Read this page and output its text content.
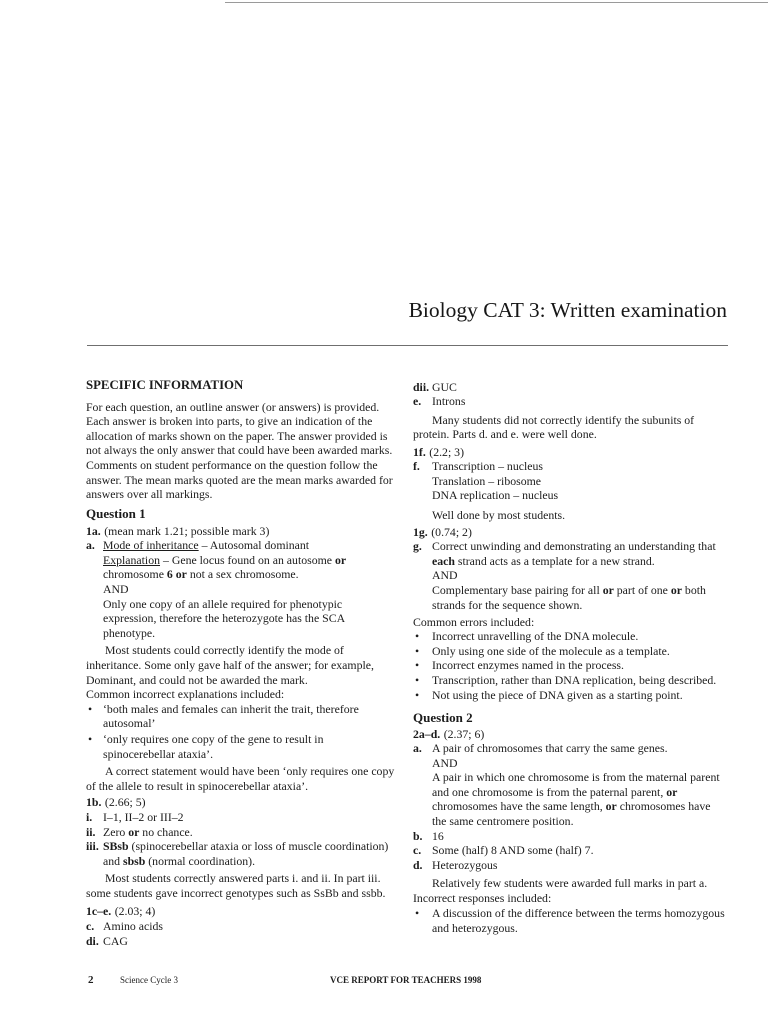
Biology CAT 3: Written examination
SPECIFIC INFORMATION
For each question, an outline answer (or answers) is provided.
Each answer is broken into parts, to give an indication of the
allocation of marks shown on the paper. The answer provided is
not always the only answer that could have been awarded marks.
Comments on student performance on the question follow the
answer. The mean marks quoted are the mean marks awarded for
answers over all markings.
Question 1
1a. (mean mark 1.21; possible mark 3)
a. Mode of inheritance – Autosomal dominant
Explanation – Gene locus found on an autosome or
chromosome 6 or not a sex chromosome.
AND
Only one copy of an allele required for phenotypic
expression, therefore the heterozygote has the SCA
phenotype.
Most students could correctly identify the mode of
inheritance. Some only gave half of the answer; for example,
Dominant, and could not be awarded the mark.
Common incorrect explanations included:
• ‘both males and females can inherit the trait, therefore
autosomal’
• ‘only requires one copy of the gene to result in
spinocerebellar ataxia’.
A correct statement would have been ‘only requires one copy
of the allele to result in spinocerebellar ataxia’.
1b. (2.66; 5)
i. I–1, II–2 or III–2
ii. Zero or no chance.
iii. SBsb (spinocerebellar ataxia or loss of muscle coordination)
and sbsb (normal coordination).
Most students correctly answered parts i. and ii. In part iii.
some students gave incorrect genotypes such as SsBb and ssbb.
1c–e. (2.03; 4)
c. Amino acids
di. CAG
dii. GUC
e. Introns
Many students did not correctly identify the subunits of
protein. Parts d. and e. were well done.
1f. (2.2; 3)
f. Transcription – nucleus
Translation – ribosome
DNA replication – nucleus
Well done by most students.
1g. (0.74; 2)
g. Correct unwinding and demonstrating an understanding that
each strand acts as a template for a new strand.
AND
Complementary base pairing for all or part of one or both
strands for the sequence shown.
Common errors included:
• Incorrect unravelling of the DNA molecule.
• Only using one side of the molecule as a template.
• Incorrect enzymes named in the process.
• Transcription, rather than DNA replication, being described.
• Not using the piece of DNA given as a starting point.
Question 2
2a–d. (2.37; 6)
a. A pair of chromosomes that carry the same genes.
AND
A pair in which one chromosome is from the maternal parent
and one chromosome is from the paternal parent, or
chromosomes have the same length, or chromosomes have
the same centromere position.
b. 16
c. Some (half) 8 AND some (half) 7.
d. Heterozygous
Relatively few students were awarded full marks in part a.
Incorrect responses included:
• A discussion of the difference between the terms homozygous
and heterozygous.
2	Science Cycle 3	VCE REPORT FOR TEACHERS 1998
